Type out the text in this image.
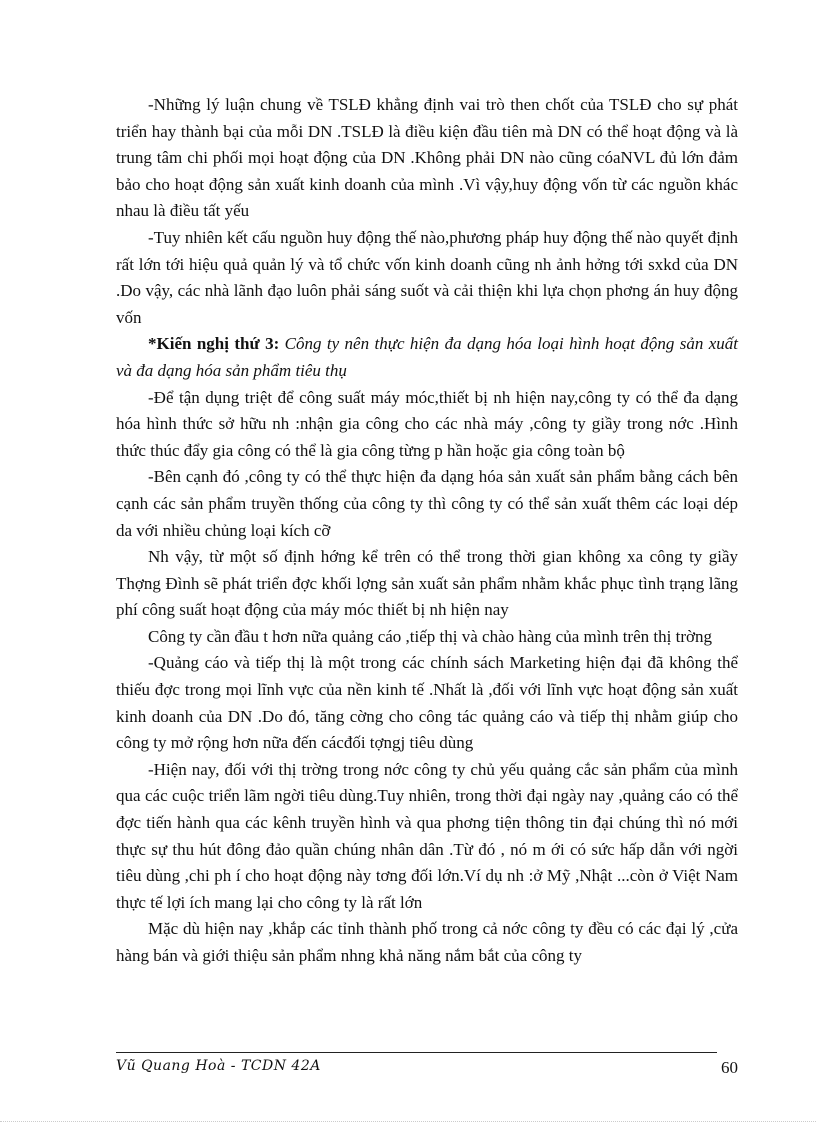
-Những lý luận chung về TSLĐ khẳng định vai trò then chốt của TSLĐ cho sự phát triển hay thành bại của mỗi DN .TSLĐ là điều kiện đầu tiên mà DN có thể hoạt động và là trung tâm chi phối mọi hoạt động của DN .Không phải DN nào cũng cóaNVL đủ lớn đảm bảo cho hoạt động sản xuất kinh doanh của mình .Vì vậy,huy động vốn từ các nguồn khác nhau là điều tất yếu

-Tuy nhiên kết cấu nguồn huy động thế nào,phương pháp huy động thế nào quyết định rất lớn tới hiệu quả quản lý và tổ chức vốn kinh doanh cũng nh ảnh hởng tới sxkd của DN .Do vậy, các nhà lãnh đạo luôn phải sáng suốt và cải thiện khi lựa chọn phơng án huy động vốn

*Kiến nghị thứ 3: Công ty nên thực hiện đa dạng hóa loại hình hoạt động sản xuất và đa dạng hóa sản phẩm tiêu thụ

-Để tận dụng triệt để công suất máy móc,thiết bị nh hiện nay,công ty có thể đa dạng hóa hình thức sở hữu nh :nhận gia công cho các nhà máy ,công ty giầy trong nớc .Hình thức thúc đẩy gia công có thể là gia công từng p hần hoặc gia công toàn bộ

-Bên cạnh đó ,công ty có thể thực hiện đa dạng hóa sản xuất sản phẩm bằng cách bên cạnh các sản phẩm truyền thống của công ty thì công ty có thể sản xuất thêm các loại dép da với nhiều chủng loại kích cỡ

Nh vậy, từ một số định hớng kể trên có thể trong thời gian không xa công ty giầy Thợng Đình sẽ phát triển đợc khối lợng sản xuất sản phẩm nhằm khắc phục tình trạng lãng phí công suất hoạt động của máy móc thiết bị nh hiện nay

Công ty cần đầu t hơn nữa quảng cáo ,tiếp thị và chào hàng của mình trên thị trờng

-Quảng cáo và tiếp thị là một trong các chính sách Marketing hiện đại đã không thể thiếu đợc trong mọi lĩnh vực của nền kinh tế .Nhất là ,đối với lĩnh vực hoạt động sản xuất kinh doanh của DN .Do đó, tăng cờng cho công tác quảng cáo và tiếp thị nhằm giúp cho công ty mở rộng hơn nữa đến cácđối tợngj tiêu dùng

-Hiện nay, đối với thị trờng trong nớc công ty chủ yếu quảng cắc sản phẩm của mình qua các cuộc triển lãm ngời tiêu dùng.Tuy nhiên, trong thời đại ngày nay ,quảng cáo có thể đợc tiến hành qua các kênh truyền hình và qua phơng tiện thông tin đại chúng thì nó mới thực sự thu hút đông đảo quần chúng nhân dân .Từ đó , nó m ới có sức hấp dẫn với ngời tiêu dùng ,chi ph í cho hoạt động này tơng đối lớn.Ví dụ nh :ở Mỹ ,Nhật ...còn ở Việt Nam thực tế lợi ích mang lại cho công ty là rất lớn

Mặc dù hiện nay ,khắp các tỉnh thành phố trong cả nớc công ty đều có các đại lý ,cửa hàng bán và giới thiệu sản phẩm nhng khả năng nắm bắt của công ty

Vũ Quang Hoà - TCDN 42A	60
